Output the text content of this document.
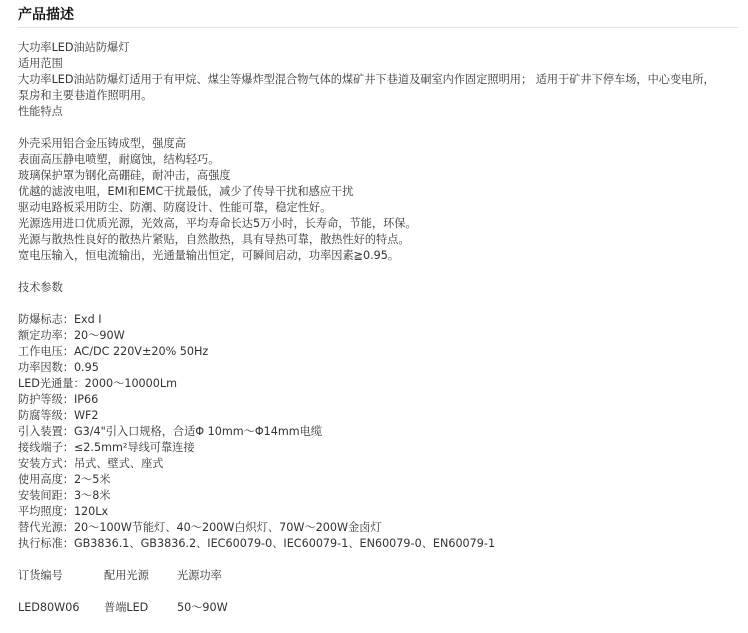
产品描述
大功率LED油站防爆灯
适用范围
大功率LED油站防爆灯适用于有甲烷、煤尘等爆炸型混合物气体的煤矿井下巷道及硐室内作固定照明用； 适用于矿井下停车场，中心变电所，泵房和主要巷道作照明用。
性能特点
外壳采用铝合金压铸成型，强度高
表面高压静电喷塑，耐腐蚀，结构轻巧。
玻璃保护罩为钢化高硼硅，耐冲击，高强度
优越的滤波电咀，EMI和EMC干扰最低，减少了传导干扰和感应干扰
驱动电路板采用防尘、防潮、防腐设计、性能可靠，稳定性好。
光源选用进口优质光源，光效高，平均寿命长达5万小时，长寿命，节能，环保。
光源与散热性良好的散热片紧贴，自然散热，具有导热可靠，散热性好的特点。
宽电压输入，恒电流输出，光通量输出恒定，可瞬间启动，功率因素≧0.95。
技术参数
防爆标志：Exd I
额定功率：20～90W
工作电压：AC/DC 220V±20% 50Hz
功率因数：0.95
LED光通量：2000～10000Lm
防护等级：IP66
防腐等级：WF2
引入装置：G3/4"引入口规格，合适Φ 10mm～Φ14mm电缆
接线端子：≤2.5mm²导线可靠连接
安装方式：吊式、壁式、座式
使用高度：2～5米
安装间距：3～8米
平均照度：120Lx
替代光源：20～100W节能灯、40～200W白炽灯、70W～200W金卤灯
执行标准：GB3836.1、GB3836.2、IEC60079-0、IEC60079-1、EN60079-0、EN60079-1
订货编号	配用光源	光源功率
LED80W06 普端LED	50～90W
